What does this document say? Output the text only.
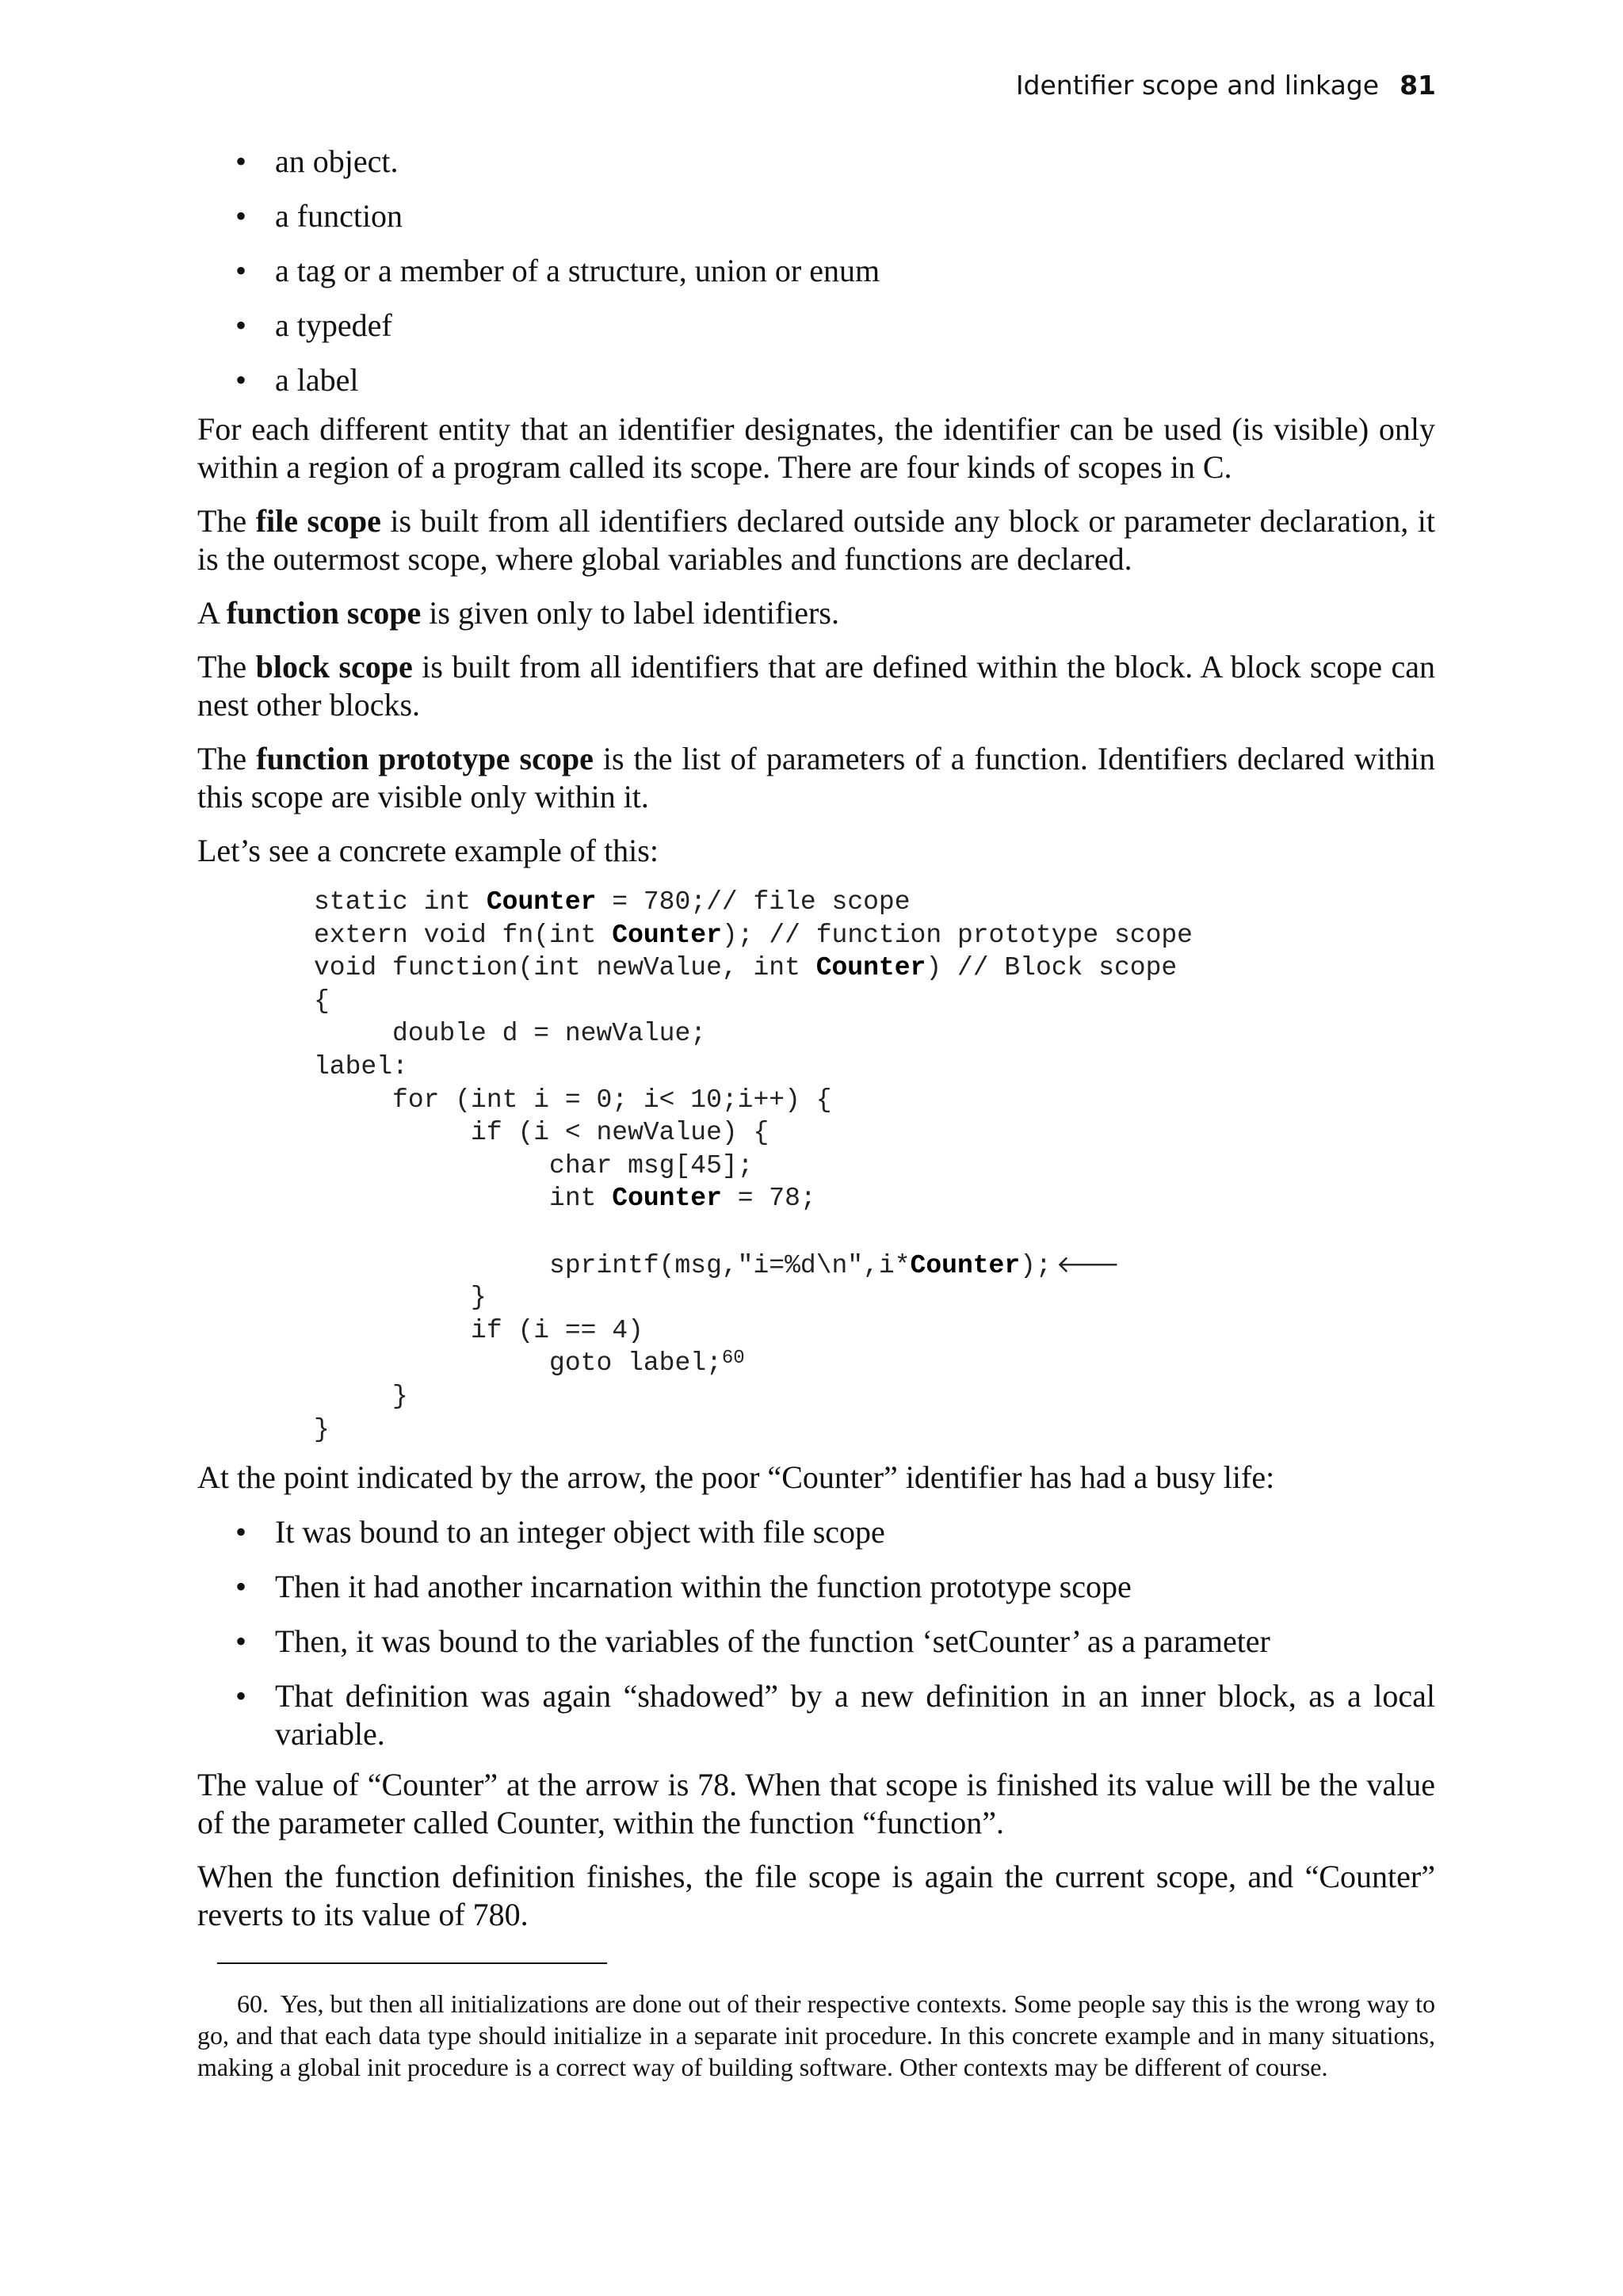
Identifier scope and linkage 81
• an object.
• a function
• a tag or a member of a structure, union or enum
• a typedef
• a label

For each different entity that an identifier designates, the identifier can be used (is visible) only within a region of a program called its scope. There are four kinds of scopes in C.

The file scope is built from all identifiers declared outside any block or parameter declaration, it is the outermost scope, where global variables and functions are declared.

A function scope is given only to label identifiers.

The block scope is built from all identifiers that are defined within the block. A block scope can nest other blocks.

The function prototype scope is the list of parameters of a function. Identifiers declared within this scope are visible only within it.

Let’s see a concrete example of this:

static int Counter = 780;// file scope
extern void fn(int Counter); // function prototype scope
void function(int newValue, int Counter) // Block scope
{
double d = newValue;
label:
for (int i = 0; i< 10;i++) {
if (i < newValue) {
char msg[45];
int Counter = 78;
sprintf(msg,"i=%d\n",i*Counter); 🡐
}
if (i == 4)
goto label;$^{60}$
}
}

At the point indicated by the arrow, the poor “Counter” identifier has had a busy life:

• It was bound to an integer object with file scope
• Then it had another incarnation within the function prototype scope
• Then, it was bound to the variables of the function ‘setCounter’ as a parameter
• That definition was again “shadowed” by a new definition in an inner block, as a local variable.

The value of “Counter” at the arrow is 78. When that scope is finished its value will be the value of the parameter called Counter, within the function “function”.

When the function definition finishes, the file scope is again the current scope, and “Counter” reverts to its value of 780.

60. Yes, but then all initializations are done out of their respective contexts. Some people say this is the wrong way to go, and that each data type should initialize in a separate init procedure. In this concrete example and in many situations, making a global init procedure is a correct way of building software. Other contexts may be different of course.
